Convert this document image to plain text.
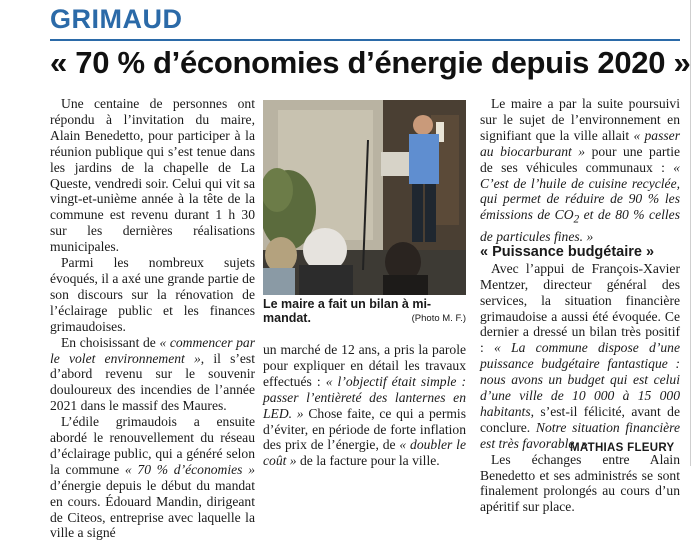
GRIMAUD
« 70 % d’économies d’énergie depuis 2020 »

Une centaine de personnes ont répondu à l’invitation du maire, Alain Benedetto, pour participer à la réunion publique qui s’est tenue dans les jardins de la chapelle de La Queste, vendredi soir. Celui qui vit sa vingt-et-unième année à la tête de la commune est revenu durant 1 h 30 sur les dernières réalisations municipales.

Parmi les nombreux sujets évoqués, il a axé une grande partie de son discours sur la rénovation de l’éclairage public et les finances grimaudoises.

En choisissant de « commencer par le volet environnement », il s’est d’abord revenu sur le souvenir douloureux des incendies de l’année 2021 dans le massif des Maures.

L’édile grimaudois a ensuite abordé le renouvellement du réseau d’éclairage public, qui a généré selon la commune « 70 % d’économies » d’énergie depuis le début du mandat en cours. Édouard Mandin, dirigeant de Citeos, entreprise avec laquelle la ville a signé

Le maire a fait un bilan à mi-mandat.	(Photo M. F.)

un marché de 12 ans, a pris la parole pour expliquer en détail les travaux effectués : « l’objectif était simple : passer l’entièreté des lanternes en LED. » Chose faite, ce qui a permis d’éviter, en période de forte inflation des prix de l’énergie, de « doubler le coût » de la facture pour la ville.

Le maire a par la suite poursuivi sur le sujet de l’environnement en signifiant que la ville allait « passer au biocarburant » pour une partie de ses véhicules communaux : « C’est de l’huile de cuisine recyclée, qui permet de réduire de 90 % les émissions de $CO_2$ et de 80 % celles de particules fines. »

« Puissance budgétaire »

Avec l’appui de François-Xavier Mentzer, directeur général des services, la situation financière grimaudoise a aussi été évoquée. Ce dernier a dressé un bilan très positif : « La commune dispose d’une puissance budgétaire fantastique : nous avons un budget qui est celui d’une ville de 10 000 à 15 000 habitants, s’est-il félicité, avant de conclure. Notre situation financière est très favorable. »

Les échanges entre Alain Benedetto et ses administrés se sont finalement prolongés au cours d’un apéritif sur place.

MATHIAS FLEURY
